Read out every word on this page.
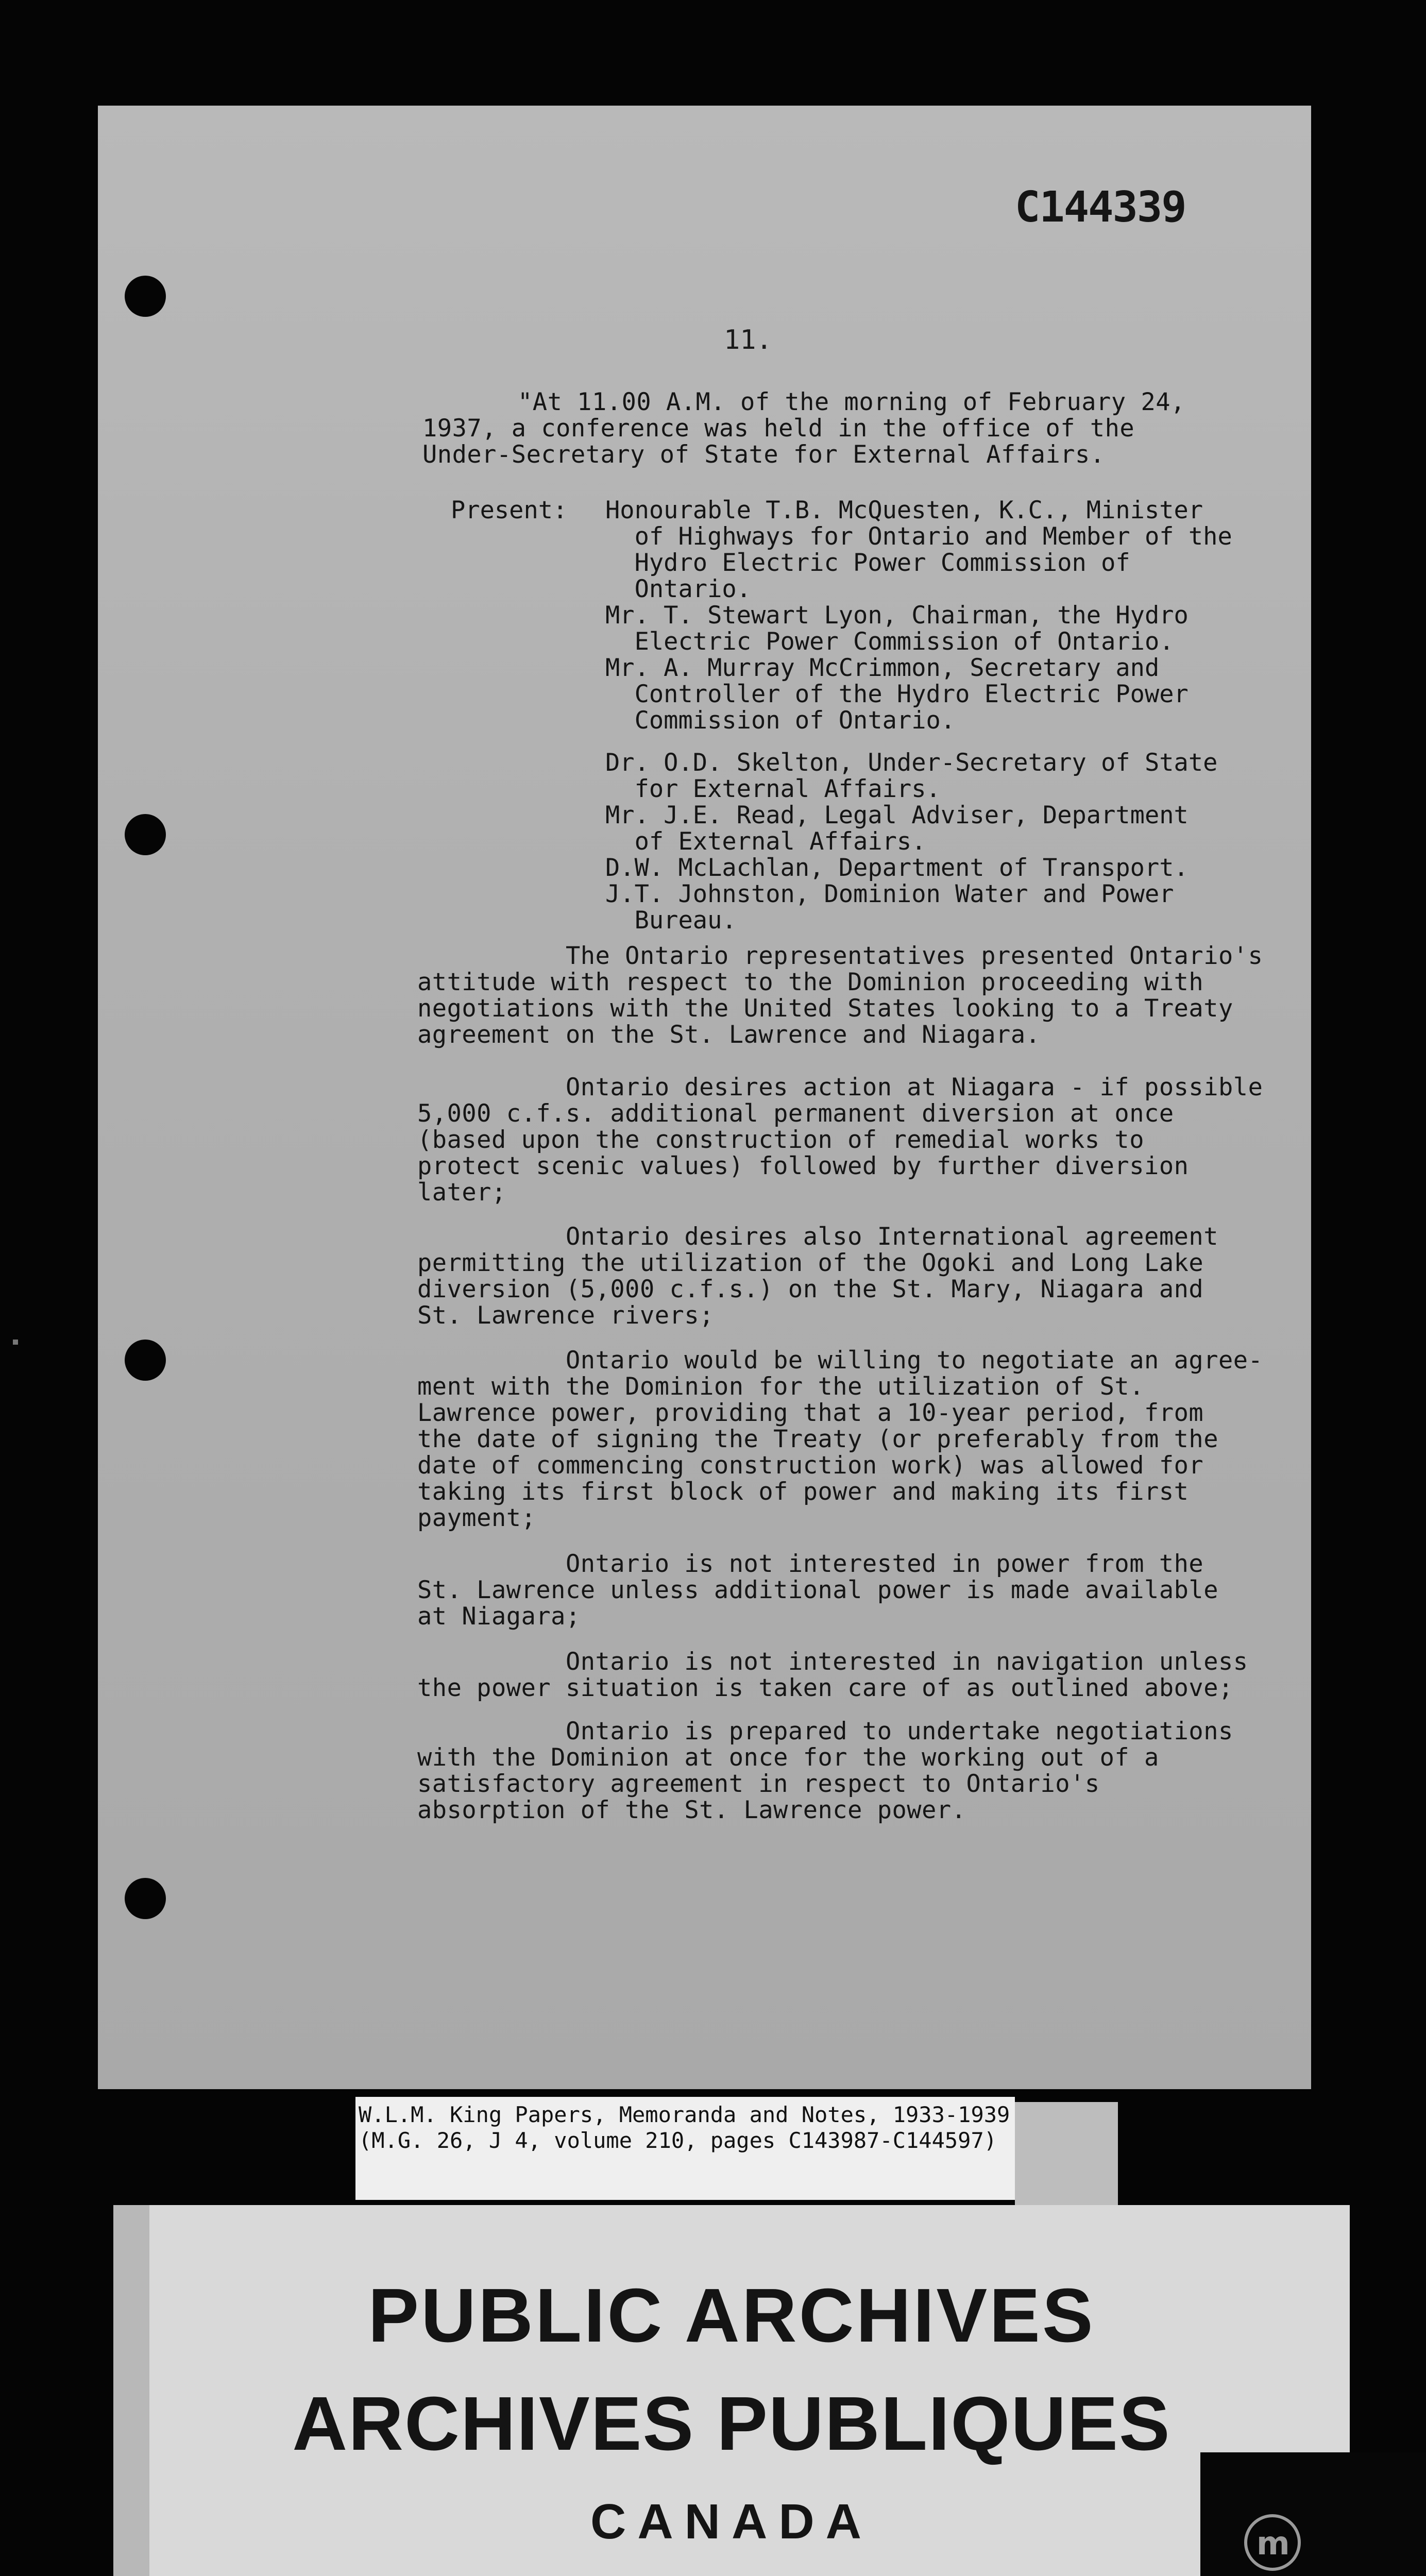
C144339
11.

"At 11.00 A.M. of the morning of February 24,

1937, a conference was held in the office of the

Under-Secretary of State for External Affairs.

Present: Honourable T.B. McQuesten, K.C., Minister
of Highways for Ontario and Member of the
Hydro Electric Power Commission of
Ontario.
Mr. T. Stewart Lyon, Chairman, the Hydro
Electric Power Commission of Ontario.
Mr. A. Murray McCrimmon, Secretary and
Controller of the Hydro Electric Power
Commission of Ontario.
Dr. O.D. Skelton, Under-Secretary of State
for External Affairs.
Mr. J.E. Read, Legal Adviser, Department
of External Affairs.
D.W. McLachlan, Department of Transport.
J.T. Johnston, Dominion Water and Power
Bureau.

The Ontario representatives presented Ontario's

attitude with respect to the Dominion proceeding with

negotiations with the United States looking to a Treaty

agreement on the St. Lawrence and Niagara.

Ontario desires action at Niagara - if possible

5,000 c.f.s. additional permanent diversion at once

(based upon the construction of remedial works to

protect scenic values) followed by further diversion

later;

Ontario desires also International agreement

permitting the utilization of the Ogoki and Long Lake

diversion (5,000 c.f.s.) on the St. Mary, Niagara and

St. Lawrence rivers;

Ontario would be willing to negotiate an agree-

ment with the Dominion for the utilization of St.

Lawrence power, providing that a 10-year period, from

the date of signing the Treaty (or preferably from the

date of commencing construction work) was allowed for

taking its first block of power and making its first

payment;

Ontario is not interested in power from the

St. Lawrence unless additional power is made available

at Niagara;

Ontario is not interested in navigation unless

the power situation is taken care of as outlined above;

Ontario is prepared to undertake negotiations

with the Dominion at once for the working out of a

satisfactory agreement in respect to Ontario's

absorption of the St. Lawrence power.

W.L.M. King Papers, Memoranda and Notes, 1933-1939
(M.G. 26, J 4, volume 210, pages C143987-C144597)
PUBLIC ARCHIVES
ARCHIVES PUBLIQUES
CANADA	m
